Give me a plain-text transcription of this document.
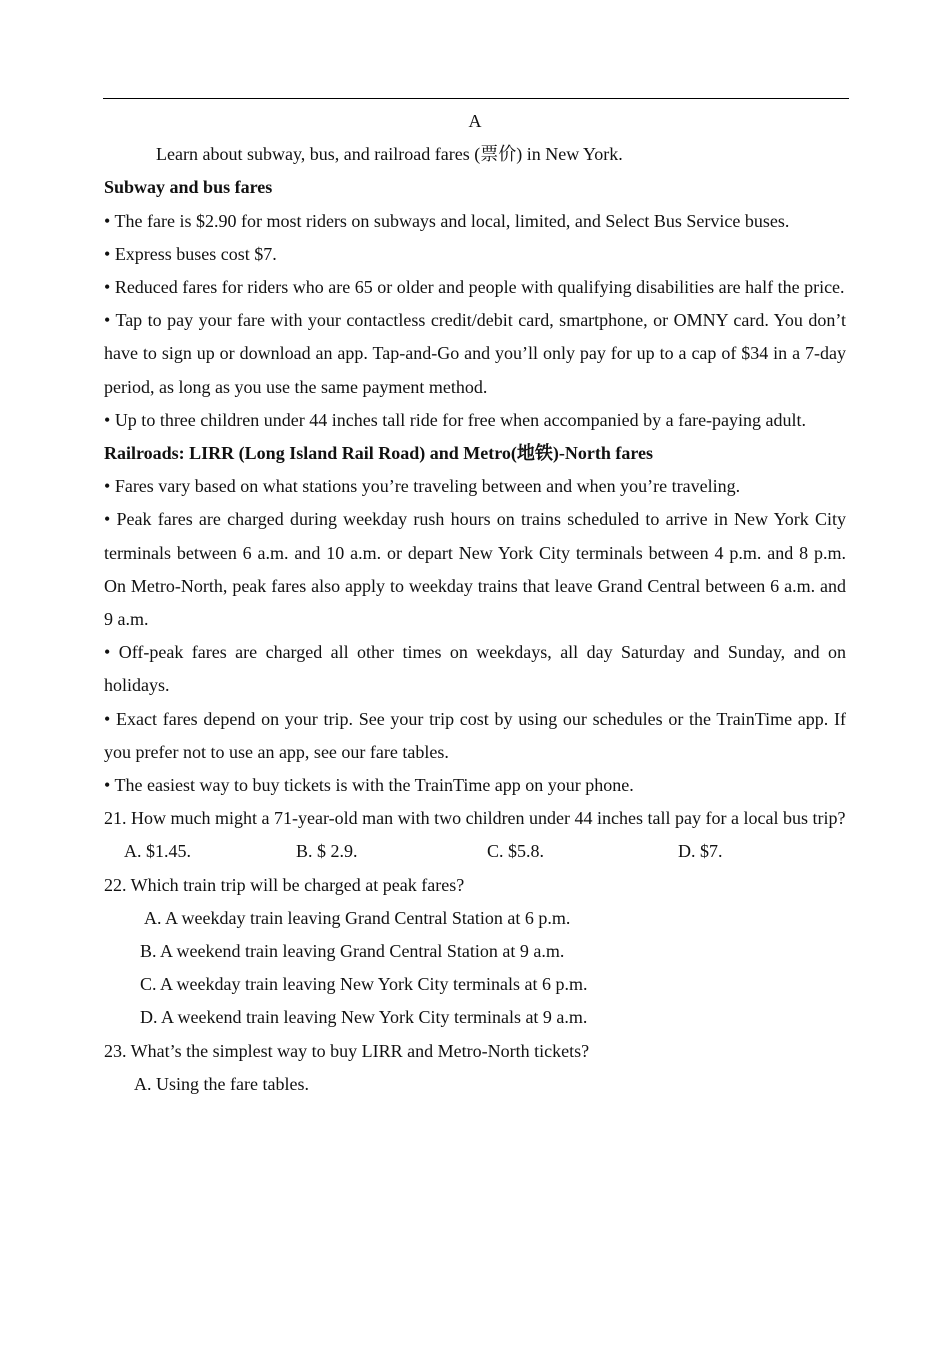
A

Learn about subway, bus, and railroad fares (票价) in New York.

Subway and bus fares

• The fare is $2.90 for most riders on subways and local, limited, and Select Bus Service buses.

• Express buses cost $7.

• Reduced fares for riders who are 65 or older and people with qualifying disabilities are half the price.

• Tap to pay your fare with your contactless credit/debit card, smartphone, or OMNY card. You don’t have to sign up or download an app. Tap-and-Go and you’ll only pay for up to a cap of $34 in a 7-day period, as long as you use the same payment method.

• Up to three children under 44 inches tall ride for free when accompanied by a fare-paying adult.

Railroads: LIRR (Long Island Rail Road) and Metro(地铁)-North fares

• Fares vary based on what stations you’re traveling between and when you’re traveling.

• Peak fares are charged during weekday rush hours on trains scheduled to arrive in New York City terminals between 6 a.m. and 10 a.m. or depart New York City terminals between 4 p.m. and 8 p.m. On Metro-North, peak fares also apply to weekday trains that leave Grand Central between 6 a.m. and 9 a.m.

• Off-peak fares are charged all other times on weekdays, all day Saturday and Sunday, and on holidays.

• Exact fares depend on your trip. See your trip cost by using our schedules or the TrainTime app. If you prefer not to use an app, see our fare tables.

• The easiest way to buy tickets is with the TrainTime app on your phone.

21. How much might a 71-year-old man with two children under 44 inches tall pay for a local bus trip?

A. $1.45.	B. $ 2.9.	C. $5.8.	D. $7.

22. Which train trip will be charged at peak fares?

A. A weekday train leaving Grand Central Station at 6 p.m.

B. A weekend train leaving Grand Central Station at 9 a.m.

C. A weekday train leaving New York City terminals at 6 p.m.

D. A weekend train leaving New York City terminals at 9 a.m.

23. What’s the simplest way to buy LIRR and Metro-North tickets?

A. Using the fare tables.
